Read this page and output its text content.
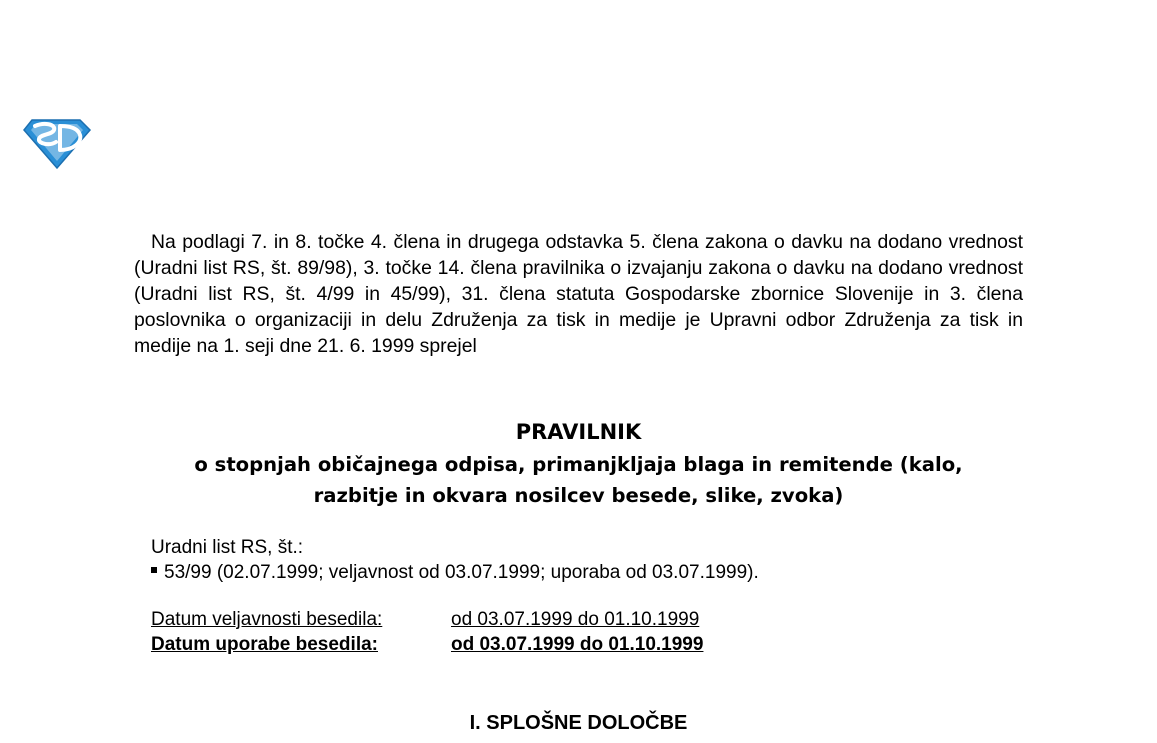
Na podlagi 7. in 8. točke 4. člena in drugega odstavka 5. člena zakona o davku na dodano vrednost (Uradni list RS, št. 89/98), 3. točke 14. člena pravilnika o izvajanju zakona o davku na dodano vrednost (Uradni list RS, št. 4/99 in 45/99), 31. člena statuta Gospodarske zbornice Slovenije in 3. člena poslovnika o organizaciji in delu Združenja za tisk in medije je Upravni odbor Združenja za tisk in medije na 1. seji dne 21. 6. 1999 sprejel

PRAVILNIK
o stopnjah običajnega odpisa, primanjkljaja blaga in remitende (kalo,
razbitje in okvara nosilcev besede, slike, zvoka)
Uradni list RS, št.:
53/99 (02.07.1999; veljavnost od 03.07.1999; uporaba od 03.07.1999).
Datum veljavnosti besedila:	od 03.07.1999 do 01.10.1999
Datum uporabe besedila:	od 03.07.1999 do 01.10.1999
I. SPLOŠNE DOLOČBE
